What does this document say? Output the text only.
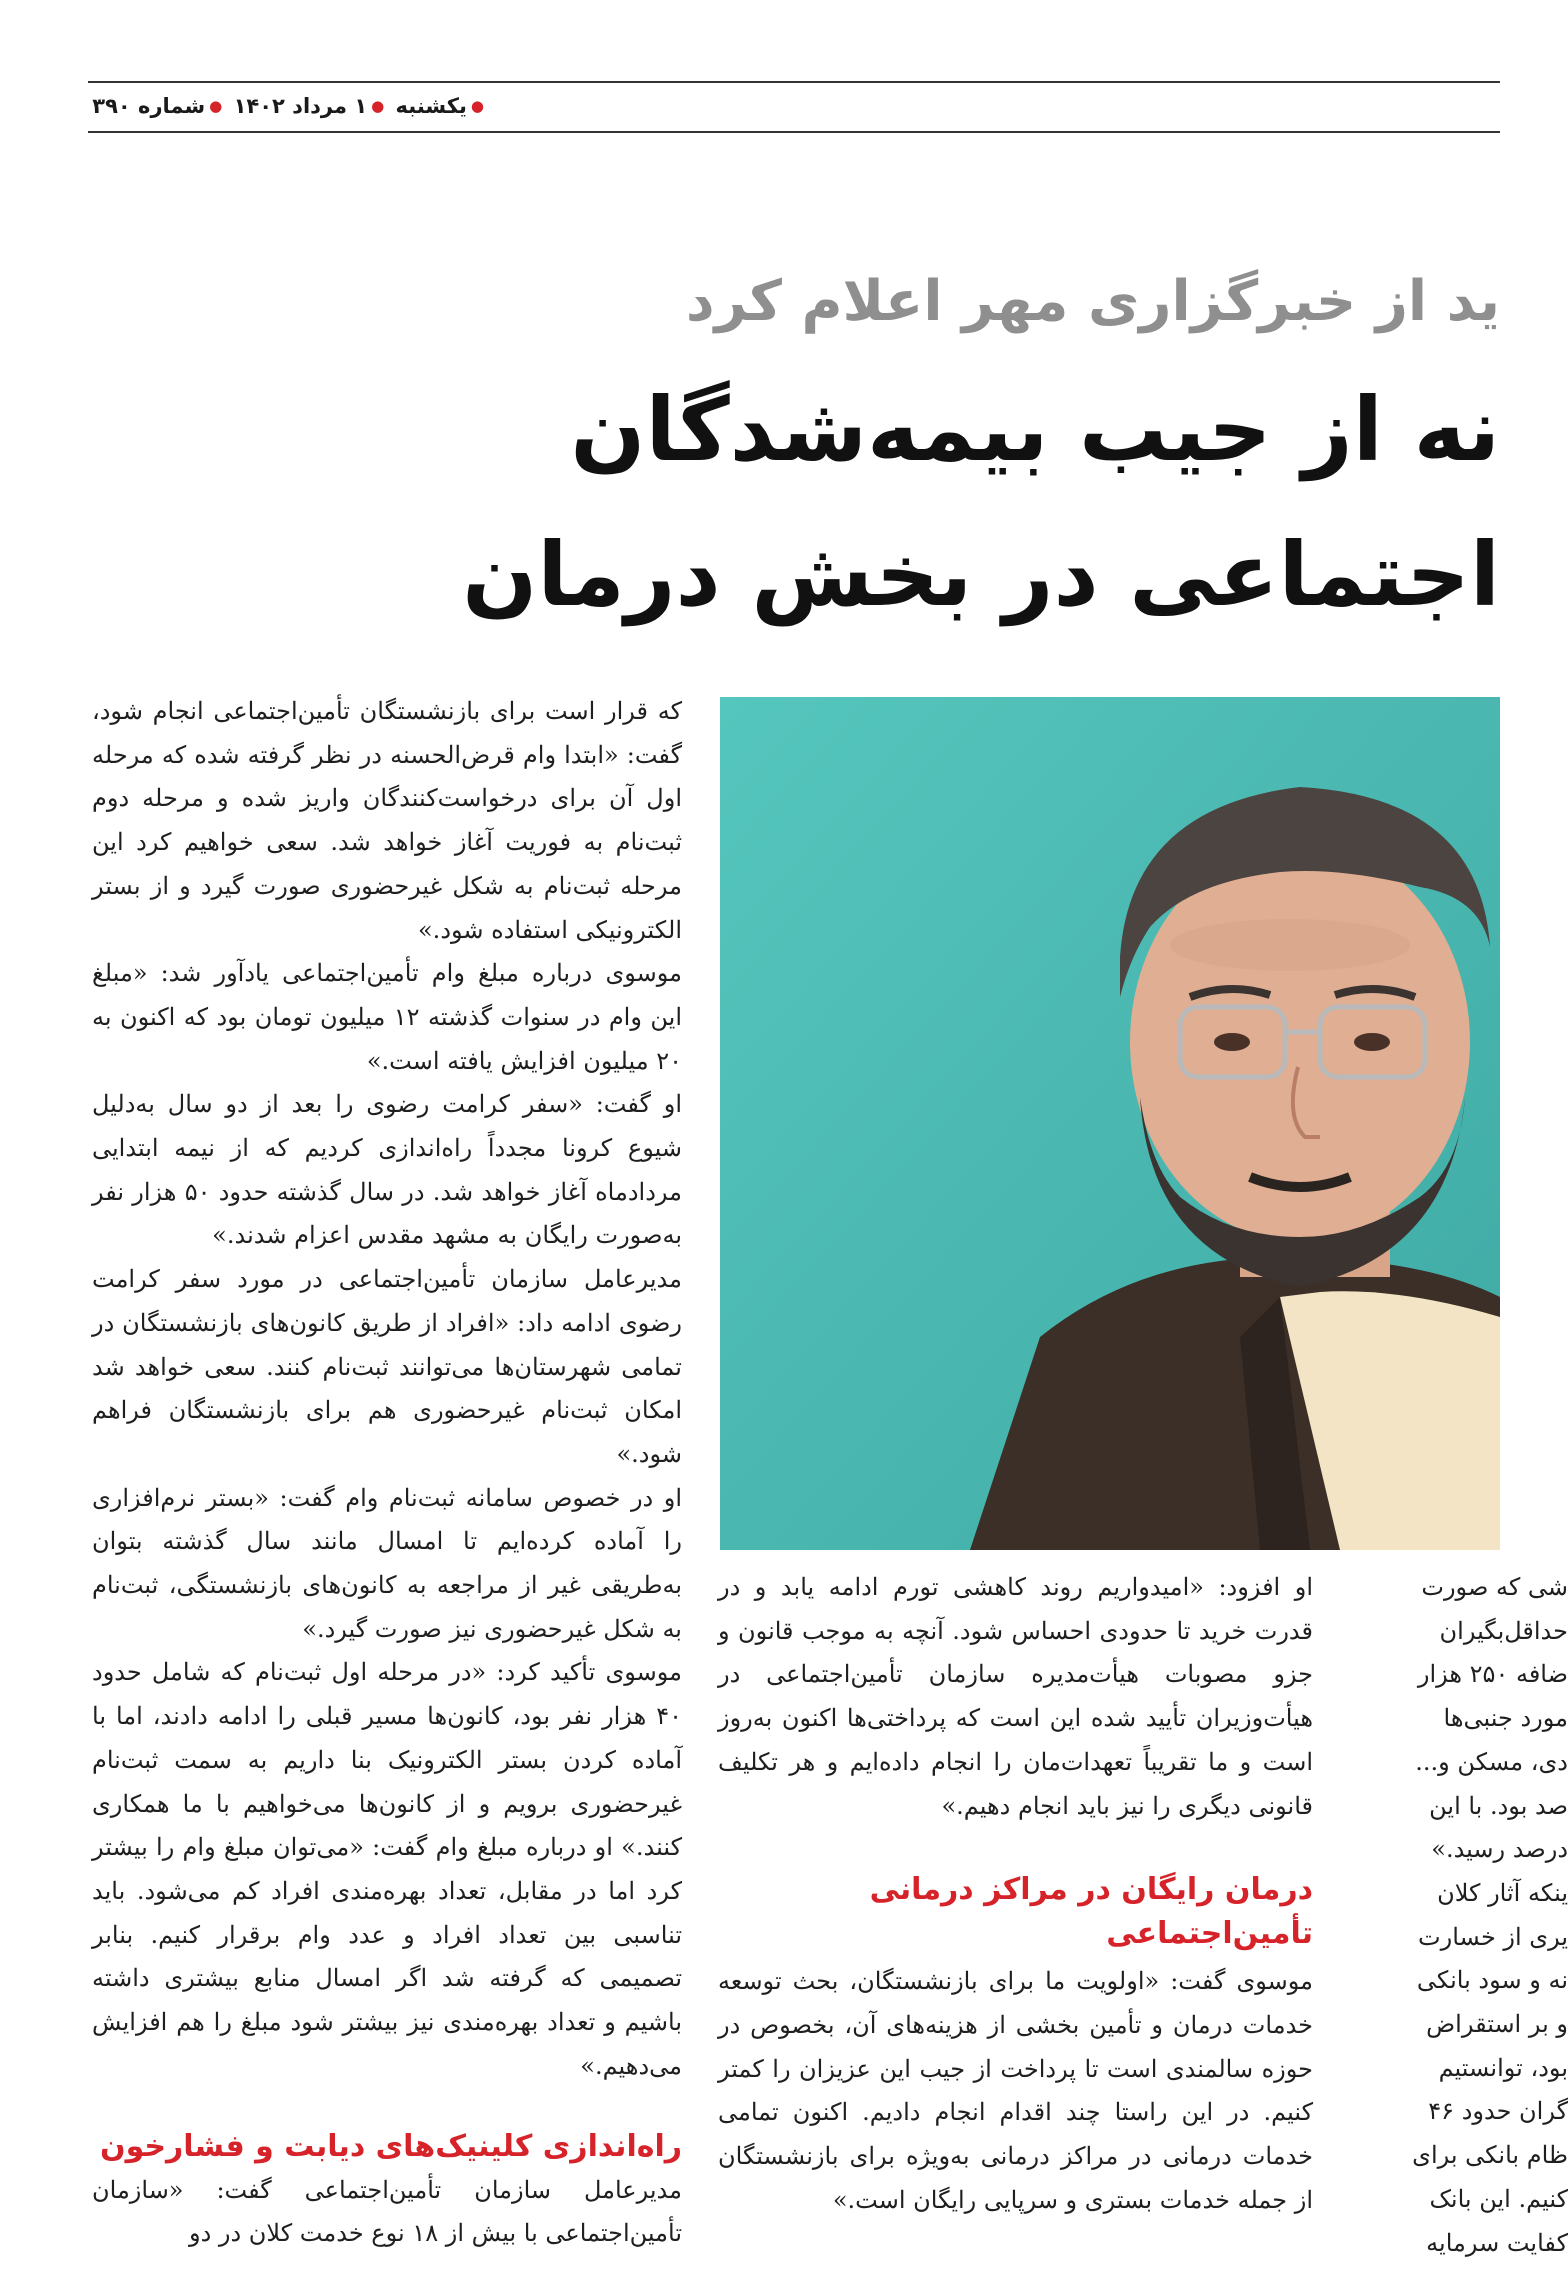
●یکشنبه ●۱ مرداد ۱۴۰۲ ●شماره ۳۹۰
ید از خبرگزاری مهر اعلام کرد
نه از جیب بیمه‌شدگان
اجتماعی در بخش درمان

که قرار است برای بازنشستگان تأمین‌اجتماعی انجام شود، گفت: «ابتدا وام قرض‌الحسنه در نظر گرفته شده که مرحله اول آن برای درخواست‌کنندگان واریز شده و مرحله دوم ثبت‌نام به فوریت آغاز خواهد شد. سعی خواهیم کرد این مرحله ثبت‌نام به شکل غیرحضوری صورت گیرد و از بستر الکترونیکی استفاده شود.»

موسوی درباره مبلغ وام تأمین‌اجتماعی یادآور شد: «مبلغ این وام در سنوات گذشته ۱۲ میلیون تومان بود که اکنون به ۲۰ میلیون افزایش یافته است.»

او گفت: «سفر کرامت رضوی را بعد از دو سال به‌دلیل شیوع کرونا مجدداً راه‌اندازی کردیم که از نیمه ابتدایی مردادماه آغاز خواهد شد. در سال گذشته حدود ۵۰ هزار نفر به‌صورت رایگان به مشهد مقدس اعزام شدند.»

مدیرعامل سازمان تأمین‌اجتماعی در مورد سفر کرامت رضوی ادامه داد: «افراد از طریق کانون‌های بازنشستگان در تمامی شهرستان‌ها می‌توانند ثبت‌نام کنند. سعی خواهد شد امکان ثبت‌نام غیرحضوری هم برای بازنشستگان فراهم شود.»

او در خصوص سامانه ثبت‌نام وام گفت: «بستر نرم‌افزاری را آماده کرده‌ایم تا امسال مانند سال گذشته بتوان به‌طریقی غیر از مراجعه به کانون‌های بازنشستگی، ثبت‌نام به شکل غیرحضوری نیز صورت گیرد.»

موسوی تأکید کرد: «در مرحله اول ثبت‌نام که شامل حدود ۴۰ هزار نفر بود، کانون‌ها مسیر قبلی را ادامه دادند، اما با آماده کردن بستر الکترونیک بنا داریم به سمت ثبت‌نام غیرحضوری برویم و از کانون‌ها می‌خواهیم با ما همکاری کنند.» او درباره مبلغ وام گفت: «می‌توان مبلغ وام را بیشتر کرد اما در مقابل، تعداد بهره‌مندی افراد کم می‌شود. باید تناسبی بین تعداد افراد و عدد وام برقرار کنیم. بنابر تصمیمی که گرفته شد اگر امسال منابع بیشتری داشته باشیم و تعداد بهره‌مندی نیز بیشتر شود مبلغ را هم افزایش می‌دهیم.»

راه‌اندازی کلینیک‌های دیابت و فشارخون

مدیرعامل سازمان تأمین‌اجتماعی گفت: «سازمان تأمین‌اجتماعی با بیش از ۱۸ نوع خدمت کلان در دو

او افزود: «امیدواریم روند کاهشی تورم ادامه یابد و در قدرت خرید تا حدودی احساس شود. آنچه به موجب قانون و جزو مصوبات هیأت‌مدیره سازمان تأمین‌اجتماعی در هیأت‌وزیران تأیید شده این است که پرداختی‌ها اکنون به‌روز است و ما تقریباً تعهدات‌مان را انجام داده‌ایم و هر تکلیف قانونی دیگری را نیز باید انجام دهیم.»

درمان رایگان در مراکز درمانی تأمین‌اجتماعی

موسوی گفت: «اولویت ما برای بازنشستگان، بحث توسعه خدمات درمان و تأمین بخشی از هزینه‌های آن، بخصوص در حوزه سالمندی است تا پرداخت از جیب این عزیزان را کمتر کنیم. در این راستا چند اقدام انجام دادیم. اکنون تمامی خدمات درمانی در مراکز درمانی به‌ویژه برای بازنشستگان از جمله خدمات بستری و سرپایی رایگان است.»

شی که صورت

حداقل‌بگیران

ضافه ۲۵۰ هزار

مورد جنبی‌ها

دی، مسکن و...

صد بود. با این

درصد رسید.»

ینکه آثار کلان

یری از خسارت

نه و سود بانکی

و بر استقراض

بود، توانستیم

گران حدود ۴۶

ظام بانکی برای

کنیم. این بانک

کفایت سرمایه
